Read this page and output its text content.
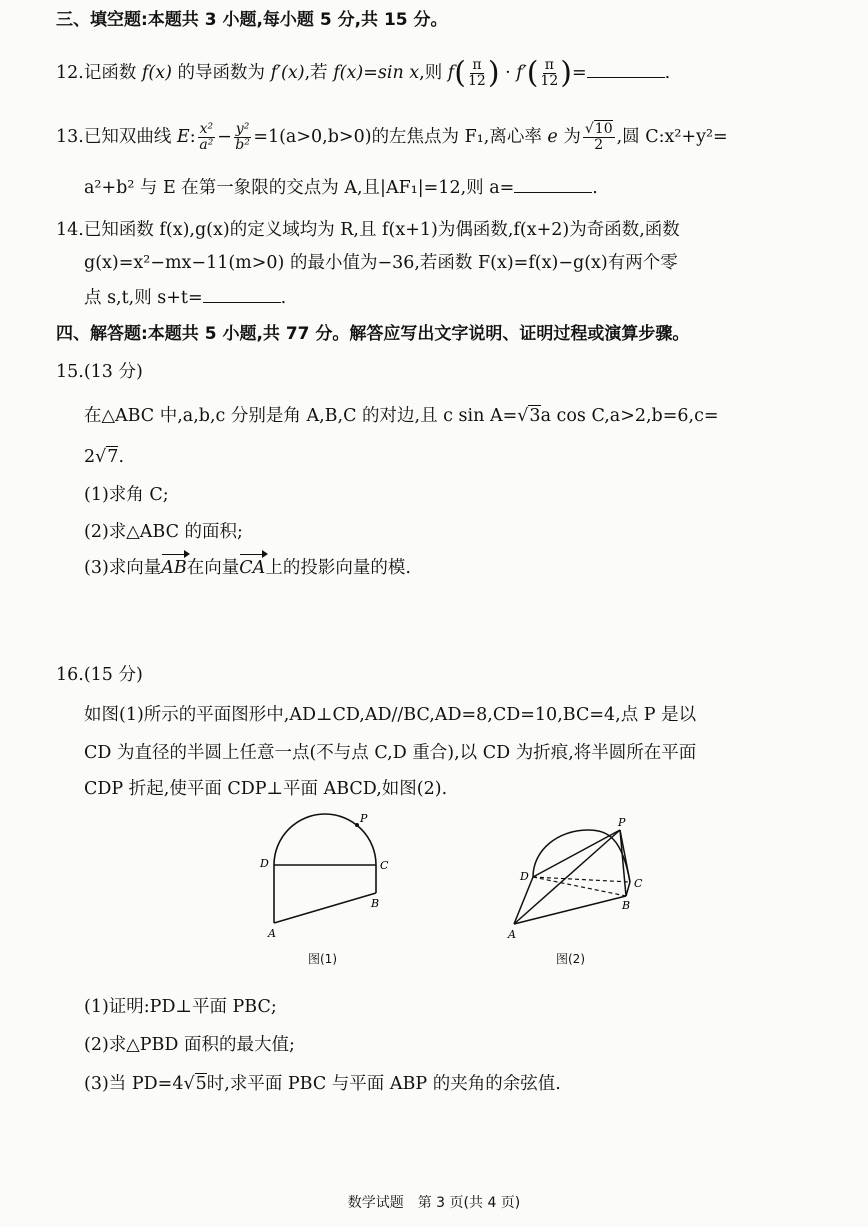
三、填空题:本题共 3 小题,每小题 5 分,共 15 分。
12.记函数 f(x) 的导函数为 f′(x),若 f(x)=sin x,则 $f( \frac{\pi}{12}$ ) · $f'( \frac{\pi}{12}$ )=	.
13.已知双曲线 E: $\frac{\text{x²}}{\text{a²}} - \frac{\text{y²}}{\text{b²}} =1(a>0,b>0)$的左焦点为 F₁,离心率 e 为 $\frac{√10}{2}$ ,圆 C:x²+y²=
a²+b² 与 E 在第一象限的交点为 A,且|AF₁|=12,则 a=	.
14.已知函数 f(x),g(x)的定义域均为 R,且 f(x+1)为偶函数,f(x+2)为奇函数,函数
g(x)=x²−mx−11(m>0) 的最小值为−36,若函数 F(x)=f(x)−g(x)有两个零
点 s,t,则 s+t=	.
四、解答题:本题共 5 小题,共 77 分。解答应写出文字说明、证明过程或演算步骤。
15.(13 分)
在△ABC 中,a,b,c 分别是角 A,B,C 的对边,且 c sin A=√3a cos C,a>2,b=6,c=
2√7.
(1)求角 C;
(2)求△ABC 的面积;
(3)求向量AB在向量CA上的投影向量的模.
16.(15 分)
如图(1)所示的平面图形中,AD⊥CD,AD//BC,AD=8,CD=10,BC=4,点 P 是以
CD 为直径的半圆上任意一点(不与点 C,D 重合),以 CD 为折痕,将半圆所在平面
CDP 折起,使平面 CDP⊥平面 ABCD,如图(2).
P
D	C
B
A
图(1)
P
D
C
B
A
图(2)
(1)证明:PD⊥平面 PBC;
(2)求△PBD 面积的最大值;
(3)当 PD=4√5时,求平面 PBC 与平面 ABP 的夹角的余弦值.
数学试题　第 3 页(共 4 页)
